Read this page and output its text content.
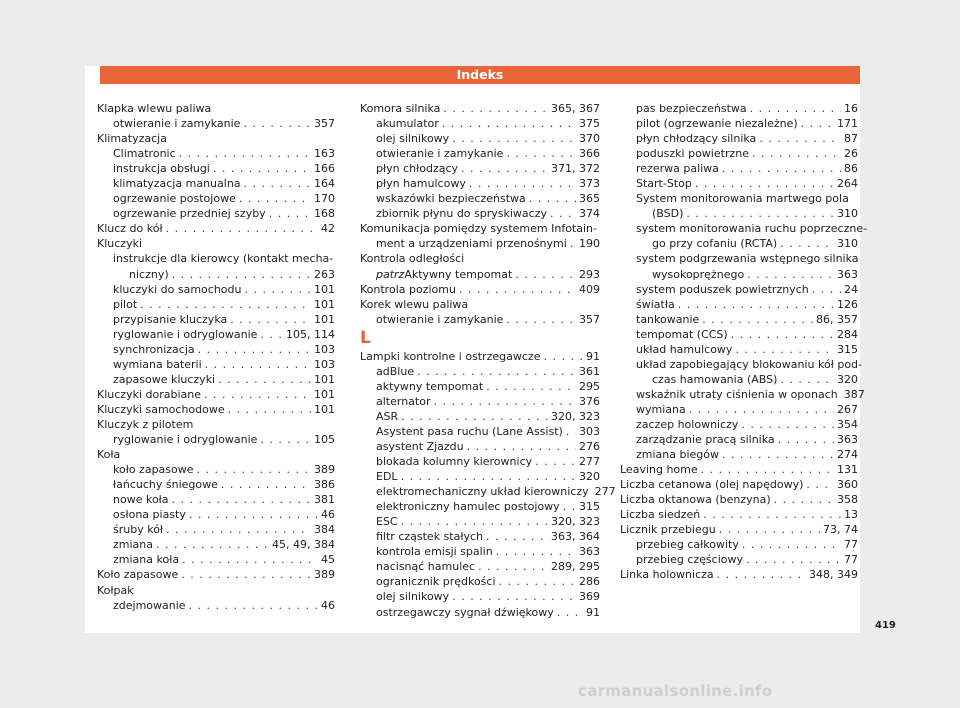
Indeks
Klapka wlewu paliwa
otwieranie i zamykanie . . .	357
Klimatyzacja
Climatronic . . .	163
instrukcja obsługi . . .	166
klimatyzacja manualna . . .	164
ogrzewanie postojowe . . .	170
ogrzewanie przedniej szyby . . .	168
Klucz do kół . . .	42
Kluczyki
instrukcje dla kierowcy (kontakt mecha-
niczny) . . .	263
kluczyki do samochodu . . .	101
pilot . . .	101
przypisanie kluczyka . . .	101
ryglowanie i odryglowanie . . .	105, 114
synchronizacja . . .	103
wymiana baterii . . .	103
zapasowe kluczyki . . .	101
Kluczyki dorabiane . . .	101
Kluczyki samochodowe . . .	101
Kluczyk z pilotem
ryglowanie i odryglowanie . . .	105
Koła
koło zapasowe . . .	389
łańcuchy śniegowe . . .	386
nowe koła . . .	381
osłona piasty . . .	46
śruby kół . . .	384
zmiana . . .	45, 49, 384
zmiana koła . . .	45
Koło zapasowe . . .	389
Kołpak
zdejmowanie . . .	46
Komora silnika . . .	365, 367
akumulator . . .	375
olej silnikowy . . .	370
otwieranie i zamykanie . . .	366
płyn chłodzący . . .	371, 372
płyn hamulcowy . . .	373
wskazówki bezpieczeństwa . . .	365
zbiornik płynu do spryskiwaczy . . .	374
Komunikacja pomiędzy systemem Infotain-
ment a urządzeniami przenośnymi . . . 190
Kontrola odległości
patrz Aktywny tempomat . . .	293
Kontrola poziomu . . .	409
Korek wlewu paliwa
otwieranie i zamykanie . . .	357
L
Lampki kontrolne i ostrzegawcze . . .	91
adBlue . . .	361
aktywny tempomat . . .	295
alternator . . .	376
ASR . . .	320, 323
Asystent pasa ruchu (Lane Assist) . . . 303
asystent Zjazdu . . .	276
blokada kolumny kierownicy . . .	277
EDL . . .	320
elektromechaniczny układ kierowniczy 277
elektroniczny hamulec postojowy . . . 315
ESC . . .	320, 323
filtr cząstek stałych . . .	363, 364
kontrola emisji spalin . . .	363
nacisnąć hamulec . . .	289, 295
ogranicznik prędkości . . .	286
olej silnikowy . . .	369
ostrzegawczy sygnał dźwiękowy . . .	91
pas bezpieczeństwa . . .	16
pilot (ogrzewanie niezależne) . . .	171
płyn chłodzący silnika . . .	87
poduszki powietrzne . . .	26
rezerwa paliwa . . .	86
Start-Stop . . .	264
System monitorowania martwego pola
(BSD) . . .	310
system monitorowania ruchu poprzeczne-
go przy cofaniu (RCTA) . . .	310
system podgrzewania wstępnego silnika
wysokoprężnego . . .	363
system poduszek powietrznych . . .	24
światła . . .	126
tankowanie . . .	86, 357
tempomat (CCS) . . .	284
układ hamulcowy . . .	315
układ zapobiegający blokowaniu kół pod-
czas hamowania (ABS) . . .	320
wskaźnik utraty ciśnienia w oponach 387
wymiana . . .	267
zaczep holowniczy . . .	354
zarządzanie pracą silnika . . .	363
zmiana biegów . . .	274
Leaving home . . .	131
Liczba cetanowa (olej napędowy) . . .	360
Liczba oktanowa (benzyna) . . .	358
Liczba siedzeń . . .	13
Licznik przebiegu . . .	73, 74
przebieg całkowity . . .	77
przebieg częściowy . . .	77
Linka holownicza . . .	348, 349
419
carmanualsonline.info
